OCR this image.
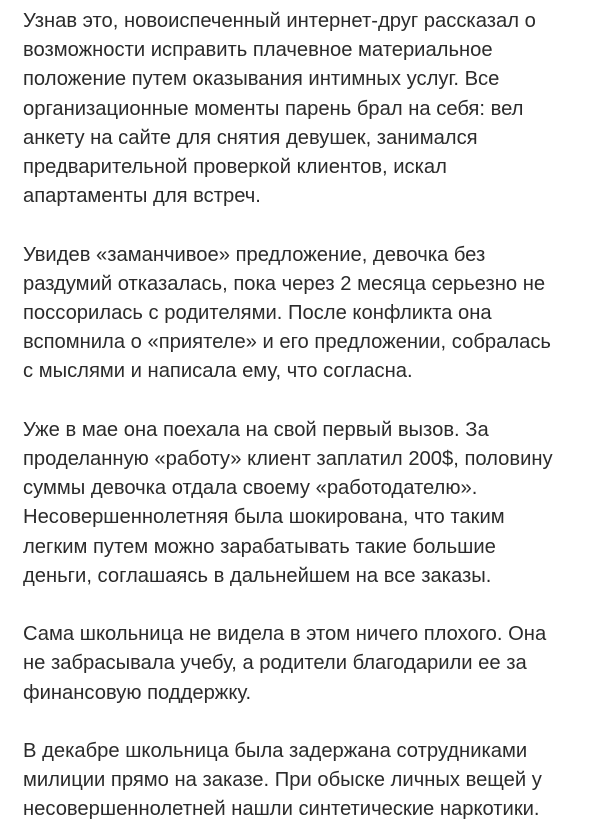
Узнав это, новоиспеченный интернет-друг рассказал о
возможности исправить плачевное материальное
положение путем оказывания интимных услуг. Все
организационные моменты парень брал на себя: вел
анкету на сайте для снятия девушек, занимался
предварительной проверкой клиентов, искал
апартаменты для встреч.
Увидев «заманчивое» предложение, девочка без
раздумий отказалась, пока через 2 месяца серьезно не
поссорилась с родителями. После конфликта она
вспомнила о «приятеле» и его предложении, собралась
с мыслями и написала ему, что согласна.
Уже в мае она поехала на свой первый вызов. За
проделанную «работу» клиент заплатил 200$, половину
суммы девочка отдала своему «работодателю».
Несовершеннолетняя была шокирована, что таким
легким путем можно зарабатывать такие большие
деньги, соглашаясь в дальнейшем на все заказы.
Сама школьница не видела в этом ничего плохого. Она
не забрасывала учебу, а родители благодарили ее за
финансовую поддержку.
В декабре школьница была задержана сотрудниками
милиции прямо на заказе. При обыске личных вещей у
несовершеннолетней нашли синтетические наркотики.
